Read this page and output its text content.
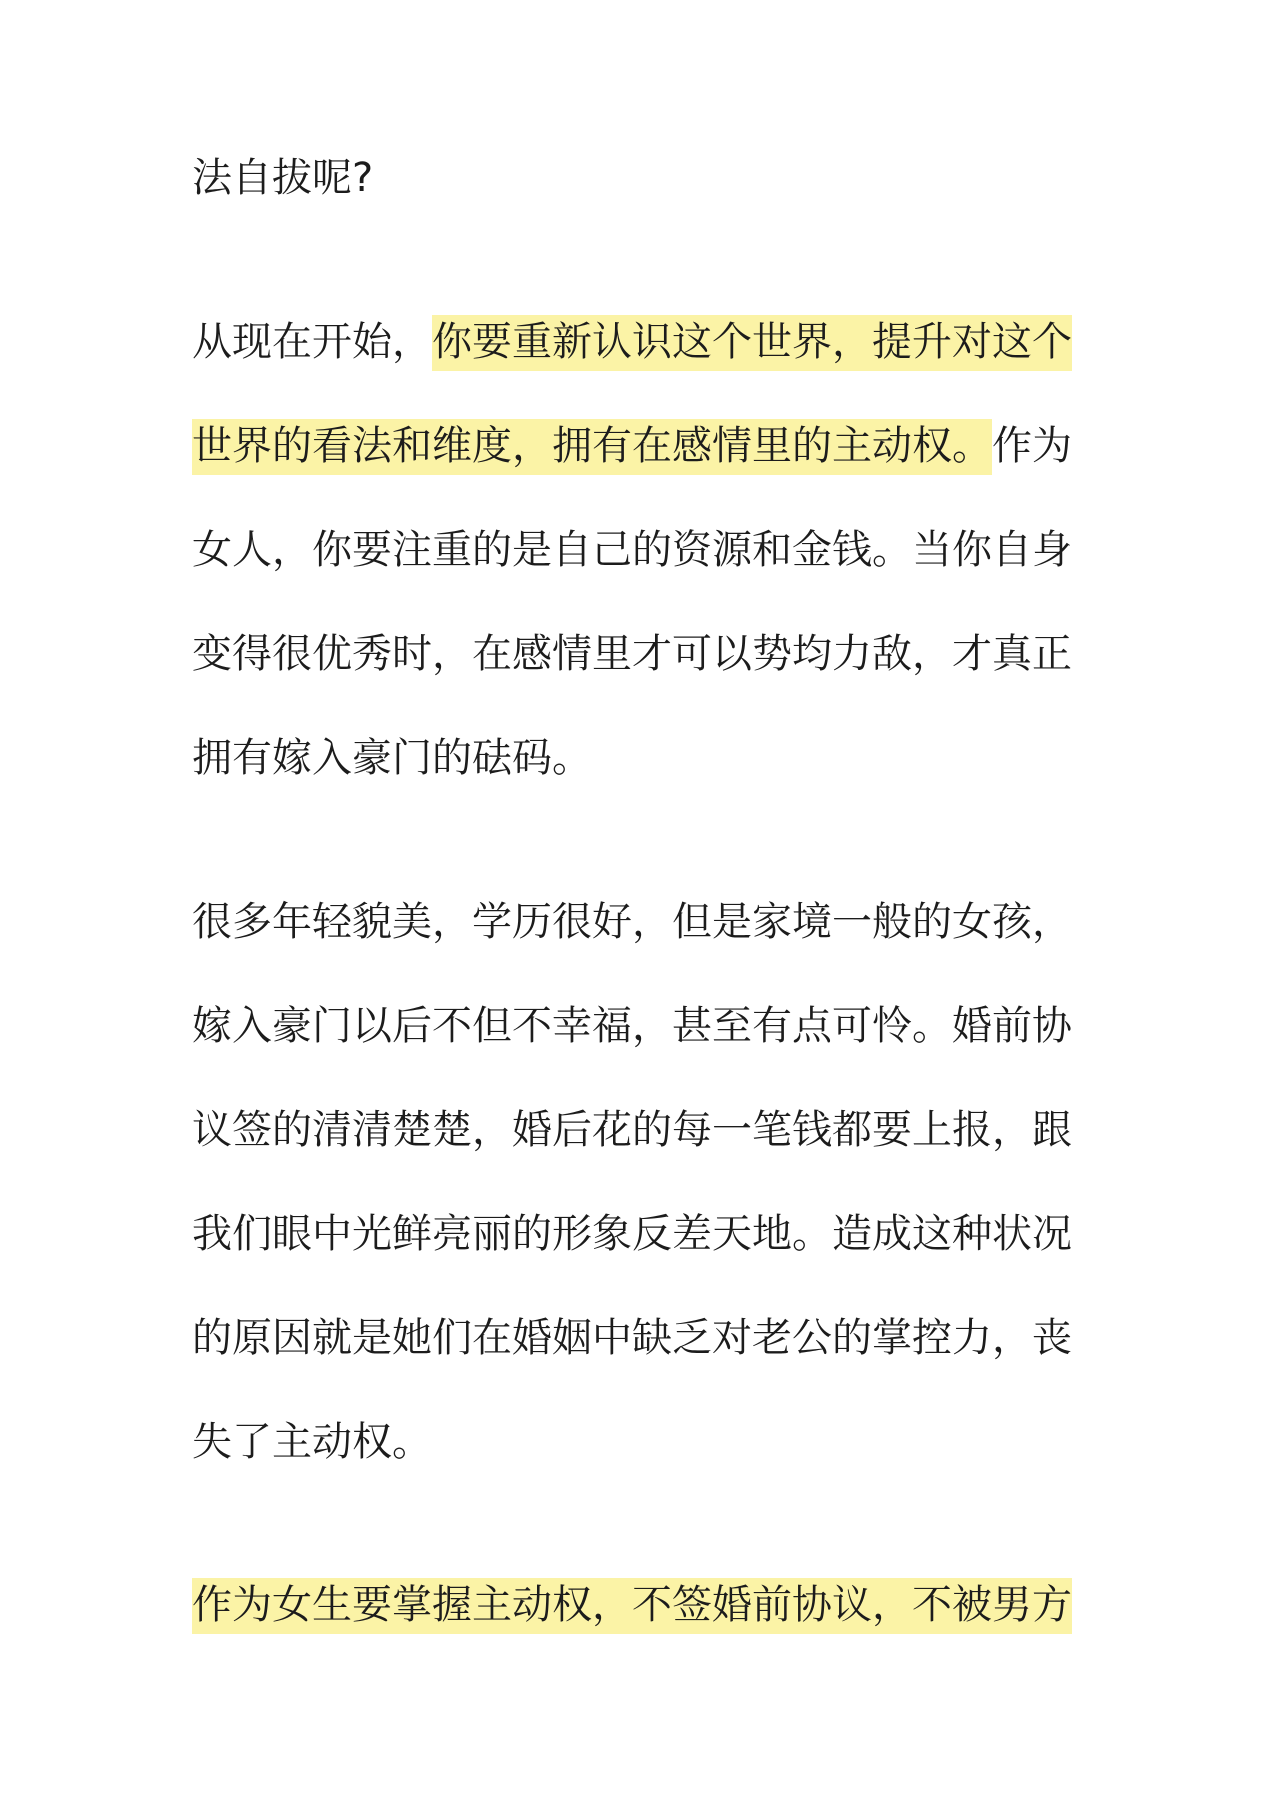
法自拔呢?
从现在开始，你要重新认识这个世界，提升对这个
世界的看法和维度，拥有在感情里的主动权。作为
女人，你要注重的是自己的资源和金钱。当你自身
变得很优秀时，在感情里才可以势均力敌，才真正
拥有嫁入豪门的砝码。
很多年轻貌美，学历很好，但是家境一般的女孩，
嫁入豪门以后不但不幸福，甚至有点可怜。婚前协
议签的清清楚楚，婚后花的每一笔钱都要上报，跟
我们眼中光鲜亮丽的形象反差天地。造成这种状况
的原因就是她们在婚姻中缺乏对老公的掌控力，丧
失了主动权。
作为女生要掌握主动权，不签婚前协议，不被男方
